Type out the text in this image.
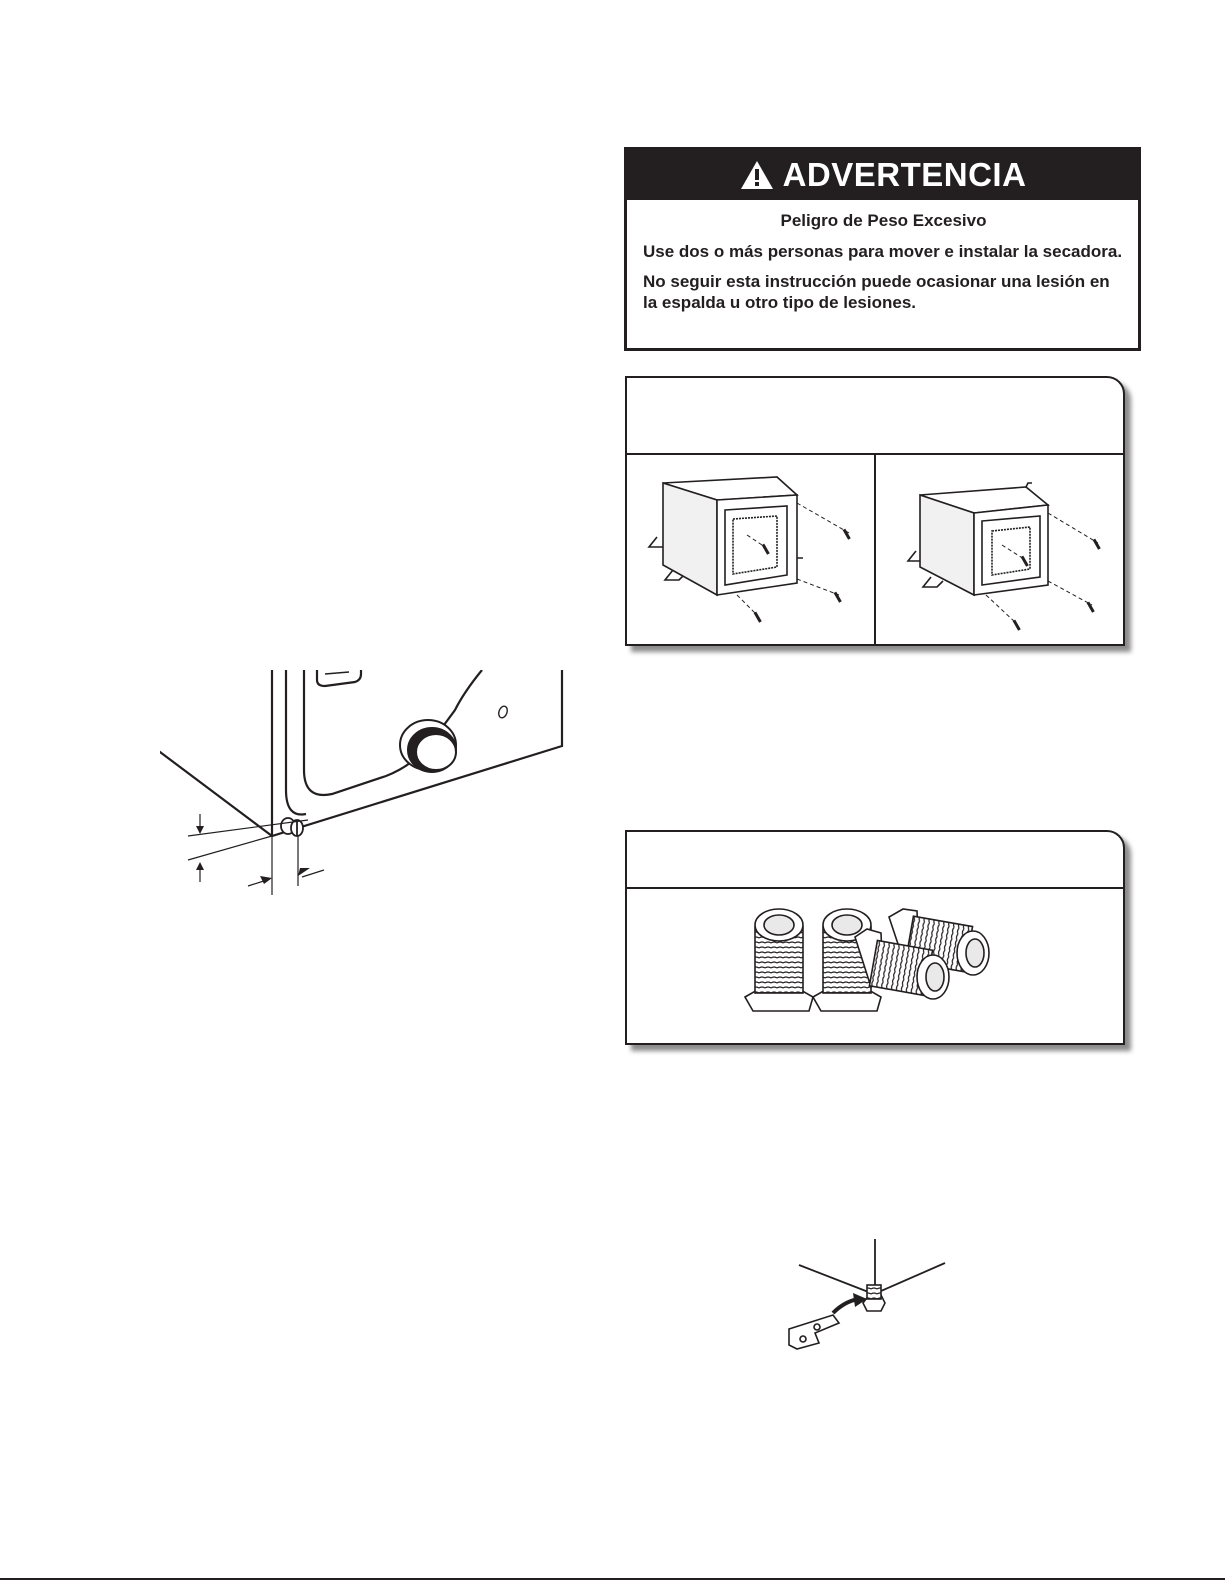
ADVERTENCIA
Peligro de Peso Excesivo

Use dos o más personas para mover e instalar la secadora.

No seguir esta instrucción puede ocasionar una lesión en la espalda u otro tipo de lesiones.
